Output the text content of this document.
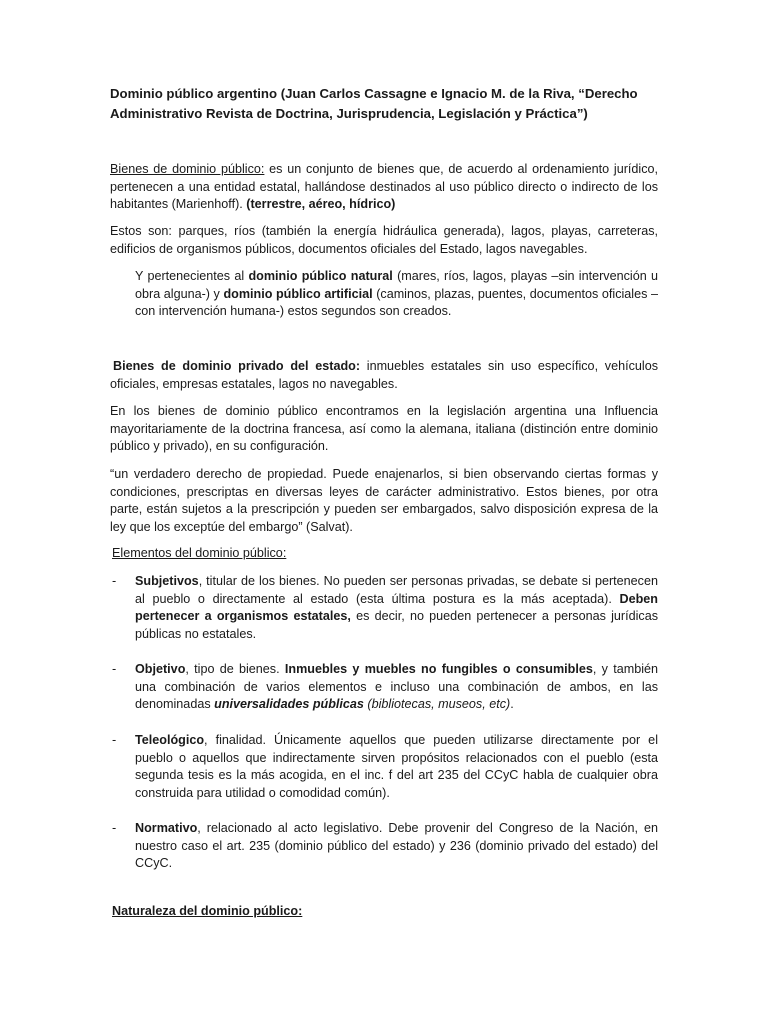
Dominio público argentino (Juan Carlos Cassagne e Ignacio M. de la Riva, “Derecho Administrativo Revista de Doctrina, Jurisprudencia, Legislación y Práctica”)

Bienes de dominio público: es un conjunto de bienes que, de acuerdo al ordenamiento jurídico, pertenecen a una entidad estatal, hallándose destinados al uso público directo o indirecto de los habitantes (Marienhoff). (terrestre, aéreo, hídrico)

Estos son: parques, ríos (también la energía hidráulica generada), lagos, playas, carreteras, edificios de organismos públicos, documentos oficiales del Estado, lagos navegables.

Y pertenecientes al dominio público natural (mares, ríos, lagos, playas –sin intervención u obra alguna-) y dominio público artificial (caminos, plazas, puentes, documentos oficiales –con intervención humana-) estos segundos son creados.

Bienes de dominio privado del estado: inmuebles estatales sin uso específico, vehículos oficiales, empresas estatales, lagos no navegables.

En los bienes de dominio público encontramos en la legislación argentina una Influencia mayoritariamente de la doctrina francesa, así como la alemana, italiana (distinción entre dominio público y privado), en su configuración.

“un verdadero derecho de propiedad. Puede enajenarlos, si bien observando ciertas formas y condiciones, prescriptas en diversas leyes de carácter administrativo. Estos bienes, por otra parte, están sujetos a la prescripción y pueden ser embargados, salvo disposición expresa de la ley que los exceptúe del embargo” (Salvat).

Elementos del dominio público:

- Subjetivos, titular de los bienes. No pueden ser personas privadas, se debate si pertenecen al pueblo o directamente al estado (esta última postura es la más aceptada). Deben pertenecer a organismos estatales, es decir, no pueden pertenecer a personas jurídicas públicas no estatales.

- Objetivo, tipo de bienes. Inmuebles y muebles no fungibles o consumibles, y también una combinación de varios elementos e incluso una combinación de ambos, en las denominadas universalidades públicas (bibliotecas, museos, etc).

- Teleológico, finalidad. Únicamente aquellos que pueden utilizarse directamente por el pueblo o aquellos que indirectamente sirven propósitos relacionados con el pueblo (esta segunda tesis es la más acogida, en el inc. f del art 235 del CCyC habla de cualquier obra construida para utilidad o comodidad común).

- Normativo, relacionado al acto legislativo. Debe provenir del Congreso de la Nación, en nuestro caso el art. 235 (dominio público del estado) y 236 (dominio privado del estado) del CCyC.

Naturaleza del dominio público:
